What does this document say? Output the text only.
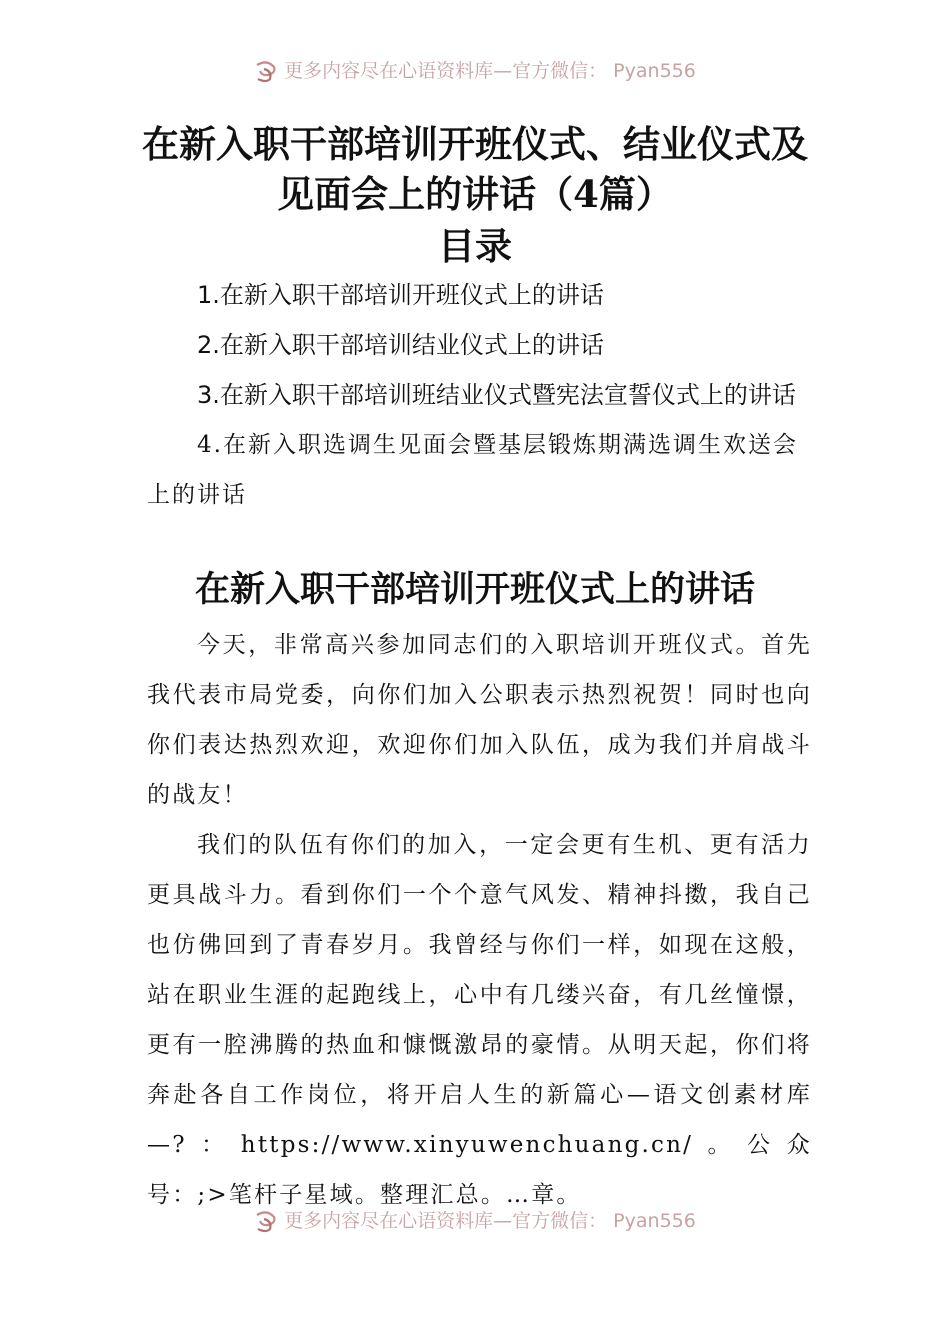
更多内容尽在心语资料库—官方微信： Pyan556
在新入职干部培训开班仪式、结业仪式及
见面会上的讲话（4篇）
目录

1.在新入职干部培训开班仪式上的讲话

2.在新入职干部培训结业仪式上的讲话

3.在新入职干部培训班结业仪式暨宪法宣誓仪式上的讲话

4.在新入职选调生见面会暨基层锻炼期满选调生欢送会上的讲话

在新入职干部培训开班仪式上的讲话

今天，非常高兴参加同志们的入职培训开班仪式。首先我代表市局党委，向你们加入公职表示热烈祝贺！同时也向你们表达热烈欢迎，欢迎你们加入队伍，成为我们并肩战斗的战友！

我们的队伍有你们的加入，一定会更有生机、更有活力更具战斗力。看到你们一个个意气风发、精神抖擞，我自己也仿佛回到了青春岁月。我曾经与你们一样，如现在这般，站在职业生涯的起跑线上，心中有几缕兴奋，有几丝憧憬，更有一腔沸腾的热血和慷慨激昂的豪情。从明天起，你们将奔赴各自工作岗位，将开启人生的新篇心—语文创素材库—?：https://www.xinyuwenchuang.cn/。公众号：;>笔杆子星域。整理汇总。…章。

更多内容尽在心语资料库—官方微信： Pyan556
